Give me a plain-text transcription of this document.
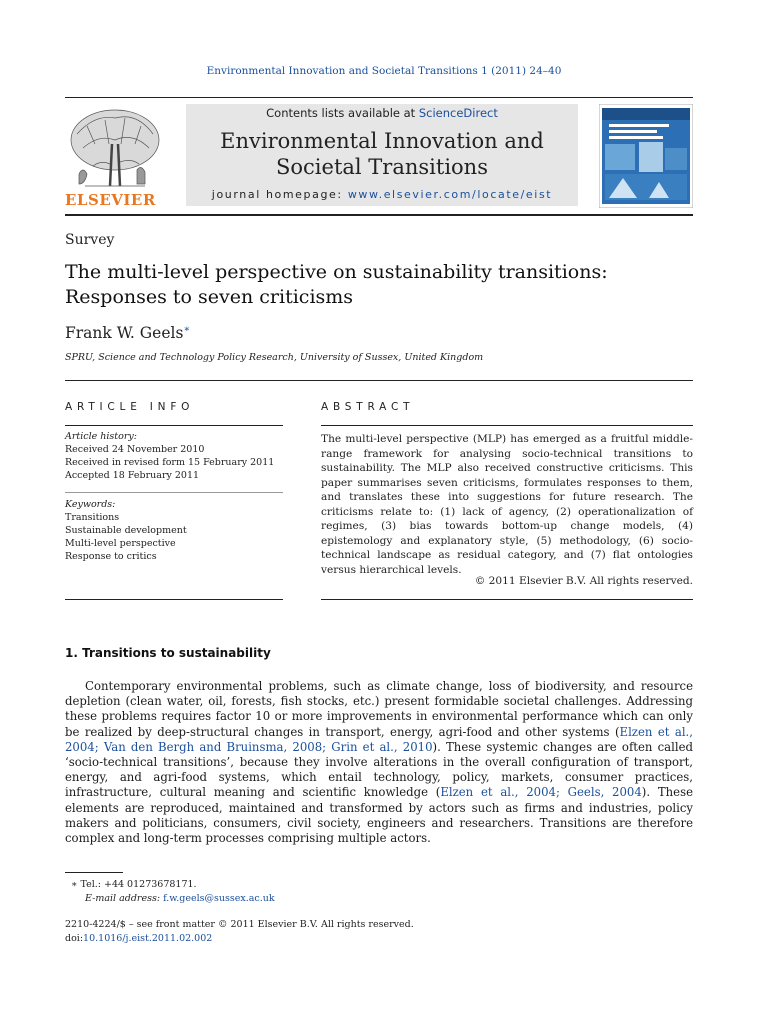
Environmental Innovation and Societal Transitions 1 (2011) 24–40
ELSEVIER
Contents lists available at ScienceDirect
Environmental Innovation and
Societal Transitions
journal homepage: www.elsevier.com/locate/eist
Survey
The multi-level perspective on sustainability transitions:
Responses to seven criticisms
Frank W. Geels∗
SPRU, Science and Technology Policy Research, University of Sussex, United Kingdom
ARTICLE INFO	ABSTRACT
Article history:
Received 24 November 2010
Received in revised form 15 February 2011
Accepted 18 February 2011
Keywords:
Transitions
Sustainable development
Multi-level perspective
Response to critics
The multi-level perspective (MLP) has emerged as a fruitful middle-range framework for analysing socio-technical transitions to sustainability. The MLP also received constructive criticisms. This paper summarises seven criticisms, formulates responses to them, and translates these into suggestions for future research. The criticisms relate to: (1) lack of agency, (2) operationalization of regimes, (3) bias towards bottom-up change models, (4) epistemology and explanatory style, (5) methodology, (6) socio-technical landscape as residual category, and (7) flat ontologies versus hierarchical levels.
© 2011 Elsevier B.V. All rights reserved.
1. Transitions to sustainability

Contemporary environmental problems, such as climate change, loss of biodiversity, and resource depletion (clean water, oil, forests, fish stocks, etc.) present formidable societal challenges. Addressing these problems requires factor 10 or more improvements in environmental performance which can only be realized by deep-structural changes in transport, energy, agri-food and other systems (Elzen et al., 2004; Van den Bergh and Bruinsma, 2008; Grin et al., 2010). These systemic changes are often called ‘socio-technical transitions’, because they involve alterations in the overall configuration of transport, energy, and agri-food systems, which entail technology, policy, markets, consumer practices, infrastructure, cultural meaning and scientific knowledge (Elzen et al., 2004; Geels, 2004). These elements are reproduced, maintained and transformed by actors such as firms and industries, policy makers and politicians, consumers, civil society, engineers and researchers. Transitions are therefore complex and long-term processes comprising multiple actors.

∗ Tel.: +44 01273678171.
E-mail address: f.w.geels@sussex.ac.uk
2210-4224/$ – see front matter © 2011 Elsevier B.V. All rights reserved.
doi:10.1016/j.eist.2011.02.002
